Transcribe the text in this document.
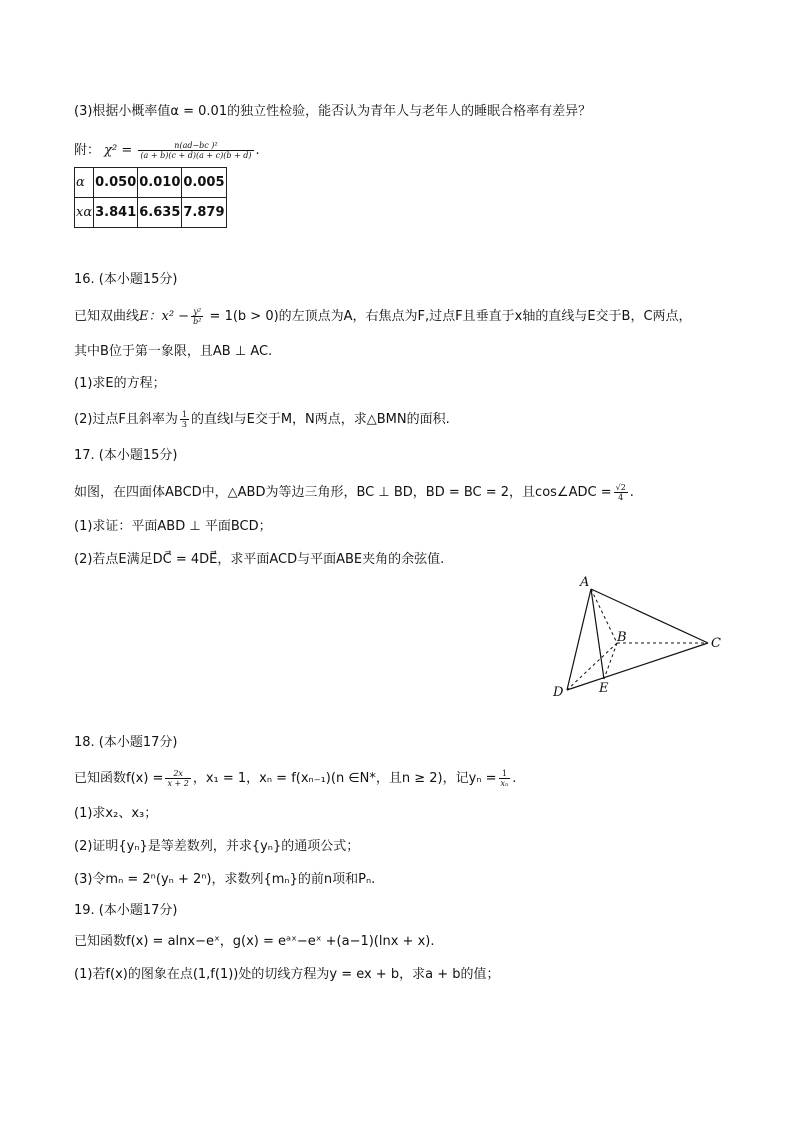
(3)根据小概率值α = 0.01的独立性检验，能否认为青年人与老年人的睡眠合格率有差异？
附： $\chi^2 = \frac{\text{n(ad−bc )²}}{(a + b)(c + d)(a + c)(b + d)}$ .
α	0.050	0.010	0.005
xα	3.841	6.635	7.879
16. (本小题15分)
已知双曲线E：$x^2 - \frac{\text{y²}}{\text{b²}} = 1(b > 0)$的左顶点为A，右焦点为F,过点F且垂直于x轴的直线与E交于B，C两点，
其中B位于第一象限，且AB ⊥ AC.
(1)求E的方程；
(2)过点F且斜率为 $\frac{1}{3}$ 的直线l与E交于M，N两点，求△BMN的面积.
17. (本小题15分)
如图，在四面体ABCD中，△ABD为等边三角形，BC ⊥ BD，BD = BC = 2，且cos∠ADC = $\frac{√2}{4}$ .
(1)求证：平面ABD ⊥ 平面BCD；
(2)若点E满足DC⃗ = 4DE⃗，求平面ACD与平面ABE夹角的余弦值.
A
B	C
D	E
18. (本小题17分)
已知函数$f(x) = \frac{2x}{x + 2}$ ，x₁ = 1，xₙ = f(xₙ₋₁)(n ∈N*，且n ≥ 2)，记$y_n = \frac{1}{\text{xₙ}}$ .
(1)求x₂、x₃；
(2)证明{yₙ}是等差数列，并求{yₙ}的通项公式；
(3)令mₙ = 2ⁿ(yₙ + 2ⁿ)，求数列{mₙ}的前n项和Pₙ.
19. (本小题17分)
已知函数f(x) = alnx−eˣ，g(x) = eᵃˣ−eˣ +(a−1)(lnx + x).
(1)若f(x)的图象在点(1,f(1))处的切线方程为y = ex + b，求a + b的值；
